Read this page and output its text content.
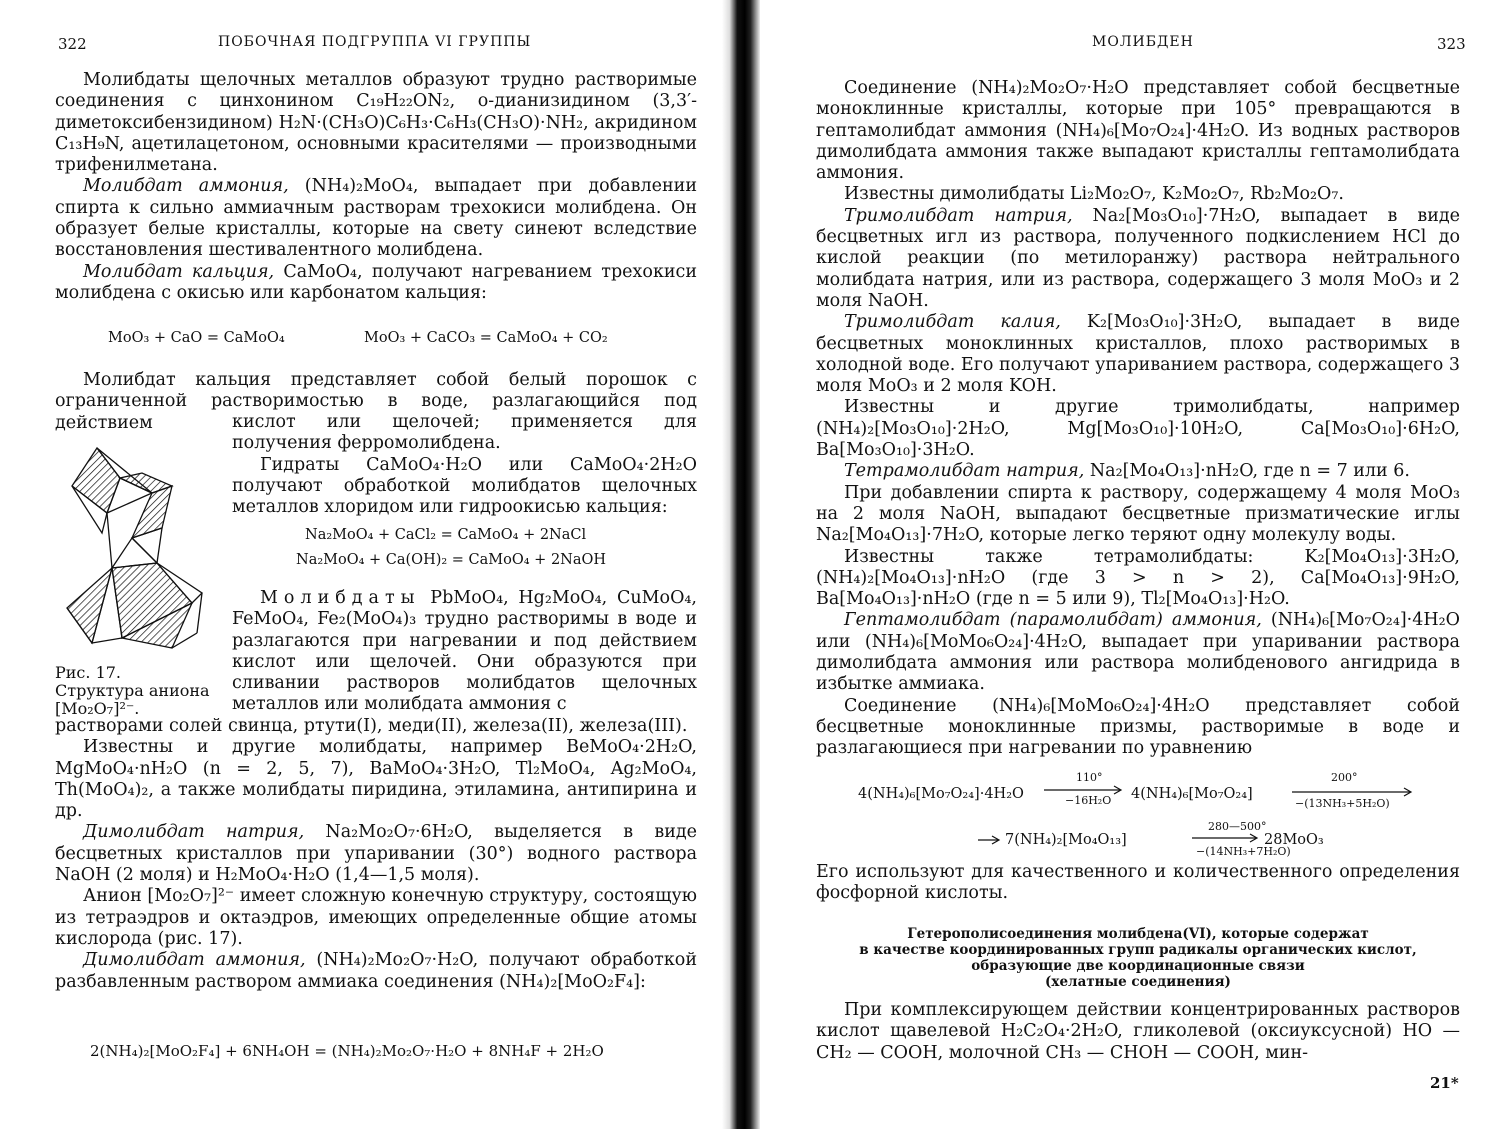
322	ПОБОЧНАЯ ПОДГРУППА VI ГРУППЫ

Молибдаты щелочных металлов образуют трудно растворимые соединения с цинхонином C₁₉H₂₂ON₂, о-дианизидином (3,3′-диметоксибензидином) H₂N·(CH₃O)C₆H₃·C₆H₃(CH₃O)·NH₂, акридином C₁₃H₉N, ацетилацетоном, основными красителями — производными трифенилметана.

Молибдат аммония, (NH₄)₂MoO₄, выпадает при добавлении спирта к сильно аммиачным растворам трехокиси молибдена. Он образует белые кристаллы, которые на свету синеют вследствие восстановления шестивалентного молибдена.

Молибдат кальция, CaMoO₄, получают нагреванием трехокиси молибдена с окисью или карбонатом кальция:

MoO₃ + CaO = CaMoO₄	MoO₃ + CaCO₃ = CaMoO₄ + CO₂

Молибдат кальция представляет собой белый порошок с ограниченной растворимостью в воде, разлагающийся под действием

Рис. 17. Структура аниона [Mo₂O₇]²⁻.

кислот или щелочей; применяется для получения ферромолибдена.

Гидраты CaMoO₄·H₂O или CaMoO₄·2H₂O получают обработкой молибдатов щелочных металлов хлоридом или гидроокисью кальция:

Na₂MoO₄ + CaCl₂ = CaMoO₄ + 2NaCl
Na₂MoO₄ + Ca(OH)₂ = CaMoO₄ + 2NaOH

Молибдаты PbMoO₄, Hg₂MoO₄, CuMoO₄, FeMoO₄, Fe₂(MoO₄)₃ трудно растворимы в воде и разлагаются при нагревании и под действием кислот или щелочей. Они образуются при сливании растворов молибдатов щелочных металлов или молибдата аммония с

растворами солей свинца, ртути(I), меди(II), железа(II), железа(III).

Известны и другие молибдаты, например BeMoO₄·2H₂O, MgMoO₄·nH₂O (n = 2, 5, 7), BaMoO₄·3H₂O, Tl₂MoO₄, Ag₂MoO₄, Th(MoO₄)₂, а также молибдаты пиридина, этиламина, антипирина и др.

Димолибдат натрия, Na₂Mo₂O₇·6H₂O, выделяется в виде бесцветных кристаллов при упаривании (30°) водного раствора NaOH (2 моля) и H₂MoO₄·H₂O (1,4—1,5 моля).

Анион [Mo₂O₇]²⁻ имеет сложную конечную структуру, состоящую из тетраэдров и октаэдров, имеющих определенные общие атомы кислорода (рис. 17).

Димолибдат аммония, (NH₄)₂Mo₂O₇·H₂O, получают обработкой разбавленным раствором аммиака соединения (NH₄)₂[MoO₂F₄]:

2(NH₄)₂[MoO₂F₄] + 6NH₄OH = (NH₄)₂Mo₂O₇·H₂O + 8NH₄F + 2H₂O
МОЛИБДЕН	323

Соединение (NH₄)₂Mo₂O₇·H₂O представляет собой бесцветные моноклинные кристаллы, которые при 105° превращаются в гептамолибдат аммония (NH₄)₆[Mo₇O₂₄]·4H₂O. Из водных растворов димолибдата аммония также выпадают кристаллы гептамолибдата аммония.

Известны димолибдаты Li₂Mo₂O₇, K₂Mo₂O₇, Rb₂Mo₂O₇.

Тримолибдат натрия, Na₂[Mo₃O₁₀]·7H₂O, выпадает в виде бесцветных игл из раствора, полученного подкислением HCl до кислой реакции (по метилоранжу) раствора нейтрального молибдата натрия, или из раствора, содержащего 3 моля MoO₃ и 2 моля NaOH.

Тримолибдат калия, K₂[Mo₃O₁₀]·3H₂O, выпадает в виде бесцветных моноклинных кристаллов, плохо растворимых в холодной воде. Его получают упариванием раствора, содержащего 3 моля MoO₃ и 2 моля KOH.

Известны и другие тримолибдаты, например (NH₄)₂[Mo₃O₁₀]·2H₂O, Mg[Mo₃O₁₀]·10H₂O, Ca[Mo₃O₁₀]·6H₂O, Ba[Mo₃O₁₀]·3H₂O.

Тетрамолибдат натрия, Na₂[Mo₄O₁₃]·nH₂O, где n = 7 или 6.

При добавлении спирта к раствору, содержащему 4 моля MoO₃ на 2 моля NaOH, выпадают бесцветные призматические иглы Na₂[Mo₄O₁₃]·7H₂O, которые легко теряют одну молекулу воды.

Известны также тетрамолибдаты: K₂[Mo₄O₁₃]·3H₂O, (NH₄)₂[Mo₄O₁₃]·nH₂O (где 3 > n > 2), Ca[Mo₄O₁₃]·9H₂O, Ba[Mo₄O₁₃]·nH₂O (где n = 5 или 9), Tl₂[Mo₄O₁₃]·H₂O.

Гептамолибдат (парамолибдат) аммония, (NH₄)₆[Mo₇O₂₄]·4H₂O или (NH₄)₆[MoMo₆O₂₄]·4H₂O, выпадает при упаривании раствора димолибдата аммония или раствора молибденового ангидрида в избытке аммиака.

Соединение (NH₄)₆[MoMo₆O₂₄]·4H₂O представляет собой бесцветные моноклинные призмы, растворимые в воде и разлагающиеся при нагревании по уравнению

4(NH₄)₆[Mo₇O₂₄]·4H₂O
110°
−16H₂O 4(NH₄)₆[Mo₇O₂₄]
200°
−(13NH₃+5H₂O)
7(NH₄)₂[Mo₄O₁₃]
280—500°
−(14NH₃+7H₂O)
28MoO₃

Его используют для качественного и количественного определения фосфорной кислоты.

Гетерополисоединения молибдена(VI), которые содержат
в качестве координированных групп радикалы органических кислот,
образующие две координационные связи
(хелатные соединения)

При комплексирующем действии концентрированных растворов кислот щавелевой H₂C₂O₄·2H₂O, гликолевой (оксиуксусной) HO — CH₂ — COOH, молочной CH₃ — CHOH — COOH, мин-

21*
